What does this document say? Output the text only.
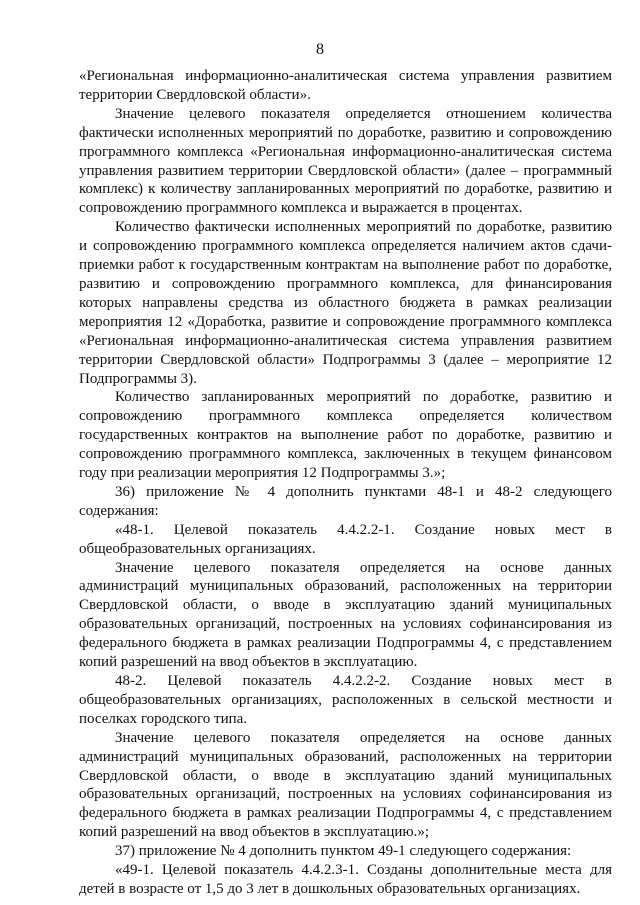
8

«Региональная информационно-аналитическая система управления развитием территории Свердловской области».

Значение целевого показателя определяется отношением количества фактически исполненных мероприятий по доработке, развитию и сопровождению программного комплекса «Региональная информационно-аналитическая система управления развитием территории Свердловской области» (далее – программный комплекс) к количеству запланированных мероприятий по доработке, развитию и сопровождению программного комплекса и выражается в процентах.

Количество фактически исполненных мероприятий по доработке, развитию и сопровождению программного комплекса определяется наличием актов сдачи-приемки работ к государственным контрактам на выполнение работ по доработке, развитию и сопровождению программного комплекса, для финансирования которых направлены средства из областного бюджета в рамках реализации мероприятия 12 «Доработка, развитие и сопровождение программного комплекса «Региональная информационно-аналитическая система управления развитием территории Свердловской области» Подпрограммы 3 (далее – мероприятие 12 Подпрограммы 3).

Количество запланированных мероприятий по доработке, развитию и сопровождению программного комплекса определяется количеством государственных контрактов на выполнение работ по доработке, развитию и сопровождению программного комплекса, заключенных в текущем финансовом году при реализации мероприятия 12 Подпрограммы 3.»;

36) приложение № 4 дополнить пунктами 48-1 и 48-2 следующего содержания:

«48-1. Целевой показатель 4.4.2.2-1. Создание новых мест в общеобразовательных организациях.

Значение целевого показателя определяется на основе данных администраций муниципальных образований, расположенных на территории Свердловской области, о вводе в эксплуатацию зданий муниципальных образовательных организаций, построенных на условиях софинансирования из федерального бюджета в рамках реализации Подпрограммы 4, с представлением копий разрешений на ввод объектов в эксплуатацию.

48-2. Целевой показатель 4.4.2.2-2. Создание новых мест в общеобразовательных организациях, расположенных в сельской местности и поселках городского типа.

Значение целевого показателя определяется на основе данных администраций муниципальных образований, расположенных на территории Свердловской области, о вводе в эксплуатацию зданий муниципальных образовательных организаций, построенных на условиях софинансирования из федерального бюджета в рамках реализации Подпрограммы 4, с представлением копий разрешений на ввод объектов в эксплуатацию.»;

37) приложение № 4 дополнить пунктом 49-1 следующего содержания:

«49-1. Целевой показатель 4.4.2.3-1. Созданы дополнительные места для детей в возрасте от 1,5 до 3 лет в дошкольных образовательных организациях.
